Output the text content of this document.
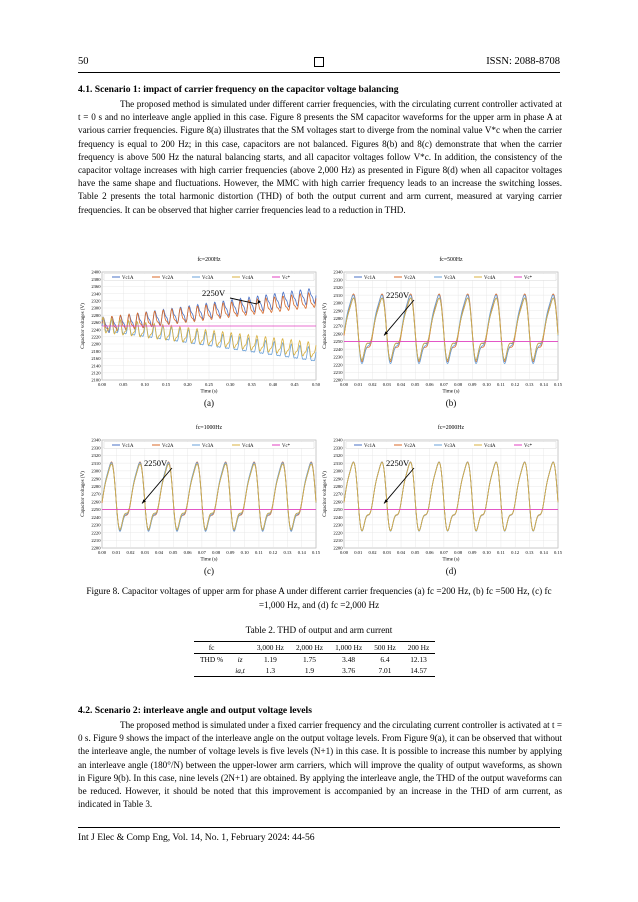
50	ISSN: 2088-8708
4.1. Scenario 1: impact of carrier frequency on the capacitor voltage balancing
The proposed method is simulated under different carrier frequencies, with the circulating current controller activated at t = 0 s and no interleave angle applied in this case. Figure 8 presents the SM capacitor waveforms for the upper arm in phase A at various carrier frequencies. Figure 8(a) illustrates that the SM voltages start to diverge from the nominal value V*c when the carrier frequency is equal to 200 Hz; in this case, capacitors are not balanced. Figures 8(b) and 8(c) demonstrate that when the carrier frequency is above 500 Hz the natural balancing starts, and all capacitor voltages follow V*c. In addition, the consistency of the capacitor voltage increases with high carrier frequencies (above 2,000 Hz) as presented in Figure 8(d) when all capacitor voltages have the same shape and fluctuations. However, the MMC with high carrier frequency leads to an increase the switching losses. Table 2 presents the total harmonic distortion (THD) of both the output current and arm current, measured at varying carrier frequencies. It can be observed that higher carrier frequencies lead to a reduction in THD.
fc=200Hz
2100
2120
2140
2160
2180
2200
2220
2240
2260
2280
2300
2320
2340
2360
2380
2400
0.00	0.05	0.10	0.15	0.20	0.25	0.30	0.35	0.40	0.45	0.50
Time (s)
Capacitor voltages (V)
Vc1A	Vc2A	Vc3A	Vc4A	Vc*
2250V
(a)
fc=500Hz
2200
2210
2220
2230
2240
2250
2260
2270
2280
2290
2300
2310
2320
2330
2340
0.00 0.01 0.02 0.03 0.04 0.05 0.06 0.07 0.08 0.09 0.10 0.11 0.12 0.13 0.14 0.15
Time (s)
Capacitor voltages (V)
Vc1A	Vc2A	Vc3A	Vc4A	Vc*
2250V
(b)
fc=1000Hz
2200
2210
2220
2230
2240
2250
2260
2270
2280
2290
2300
2310
2320
2330
2340
0.00 0.01 0.02 0.03 0.04 0.05 0.06 0.07 0.08 0.09 0.10 0.11 0.12 0.13 0.14 0.15
Time (s)
Capacitor voltages (V)
Vc1A	Vc2A	Vc3A	Vc4A	Vc*
2250V
(c)
fc=2000Hz
2200
2210
2220
2230
2240
2250
2260
2270
2280
2290
2300
2310
2320
2330
2340
0.00 0.01 0.02 0.03 0.04 0.05 0.06 0.07 0.08 0.09 0.10 0.11 0.12 0.13 0.14 0.15
Time (s)
Capacitor voltages (V)
Vc1A	Vc2A	Vc3A	Vc4A	Vc*
2250V
(d)
Figure 8. Capacitor voltages of upper arm for phase A under different carrier frequencies (a) fc =200 Hz, (b) fc =500 Hz, (c) fc =1,000 Hz, and (d) fc =2,000 Hz
Table 2. THD of output and arm current
fc		3,000 Hz	2,000 Hz	1,000 Hz	500 Hz	200 Hz
THD %	iz	1.19	1.75	3.48	6.4	12.13
	ia,t	1.3	1.9	3.76	7.01	14.57
4.2. Scenario 2: interleave angle and output voltage levels
The proposed method is simulated under a fixed carrier frequency and the circulating current controller is activated at t = 0 s. Figure 9 shows the impact of the interleave angle on the output voltage levels. From Figure 9(a), it can be observed that without the interleave angle, the number of voltage levels is five levels (N+1) in this case. It is possible to increase this number by applying an interleave angle (180°/N) between the upper-lower arm carriers, which will improve the quality of output waveforms, as shown in Figure 9(b). In this case, nine levels (2N+1) are obtained. By applying the interleave angle, the THD of the output waveforms can be reduced. However, it should be noted that this improvement is accompanied by an increase in the THD of arm current, as indicated in Table 3.
Int J Elec & Comp Eng, Vol. 14, No. 1, February 2024: 44-56
